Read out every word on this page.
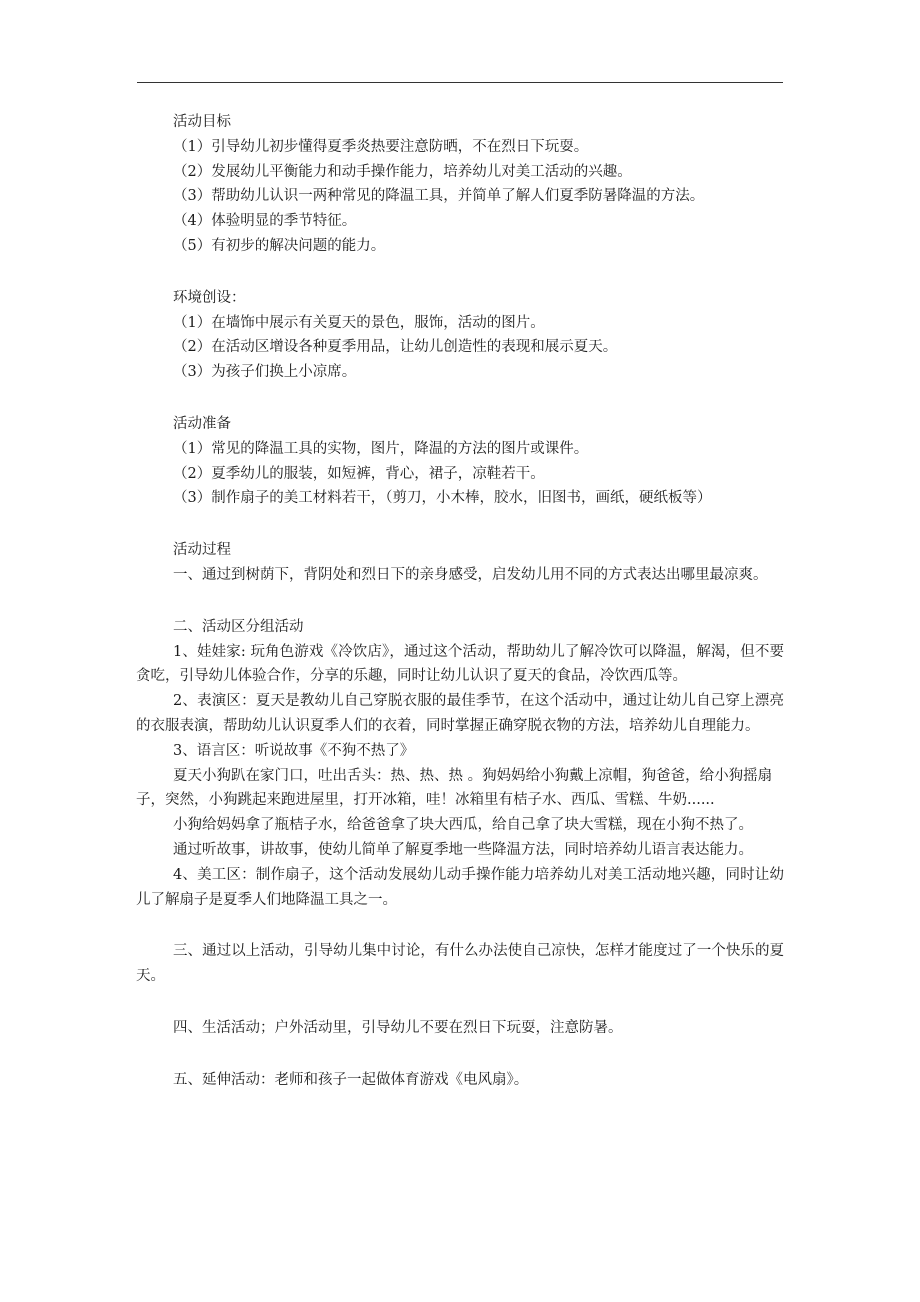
活动目标
（1）引导幼儿初步懂得夏季炎热要注意防晒，不在烈日下玩耍。
（2）发展幼儿平衡能力和动手操作能力，培养幼儿对美工活动的兴趣。
（3）帮助幼儿认识一两种常见的降温工具，并简单了解人们夏季防暑降温的方法。
（4）体验明显的季节特征。
（5）有初步的解决问题的能力。
环境创设：
（1）在墙饰中展示有关夏天的景色，服饰，活动的图片。
（2）在活动区增设各种夏季用品，让幼儿创造性的表现和展示夏天。
（3）为孩子们换上小凉席。
活动准备
（1）常见的降温工具的实物，图片，降温的方法的图片或课件。
（2）夏季幼儿的服装，如短裤，背心，裙子，凉鞋若干。
（3）制作扇子的美工材料若干，（剪刀，小木棒，胶水，旧图书，画纸，硬纸板等）
活动过程
一、通过到树荫下，背阴处和烈日下的亲身感受，启发幼儿用不同的方式表达出哪里最凉爽。
二、活动区分组活动
1、娃娃家: 玩角色游戏《冷饮店》，通过这个活动，帮助幼儿了解冷饮可以降温，解渴，但不要贪吃，引导幼儿体验合作，分享的乐趣，同时让幼儿认识了夏天的食品，冷饮西瓜等。
2、表演区：夏天是教幼儿自己穿脱衣服的最佳季节，在这个活动中，通过让幼儿自己穿上漂亮的衣服表演，帮助幼儿认识夏季人们的衣着，同时掌握正确穿脱衣物的方法，培养幼儿自理能力。
3、语言区：听说故事《不狗不热了》
夏天小狗趴在家门口，吐出舌头：热、热、热 。狗妈妈给小狗戴上凉帽，狗爸爸，给小狗摇扇子，突然，小狗跳起来跑进屋里，打开冰箱，哇！冰箱里有桔子水、西瓜、雪糕、牛奶......
小狗给妈妈拿了瓶桔子水，给爸爸拿了块大西瓜，给自己拿了块大雪糕，现在小狗不热了。
通过听故事，讲故事，使幼儿简单了解夏季地一些降温方法，同时培养幼儿语言表达能力。
4、美工区：制作扇子，这个活动发展幼儿动手操作能力培养幼儿对美工活动地兴趣，同时让幼儿了解扇子是夏季人们地降温工具之一。
三、通过以上活动，引导幼儿集中讨论，有什么办法使自己凉快，怎样才能度过了一个快乐的夏天。
四、生活活动；户外活动里，引导幼儿不要在烈日下玩耍，注意防暑。
五、延伸活动：老师和孩子一起做体育游戏《电风扇》。
